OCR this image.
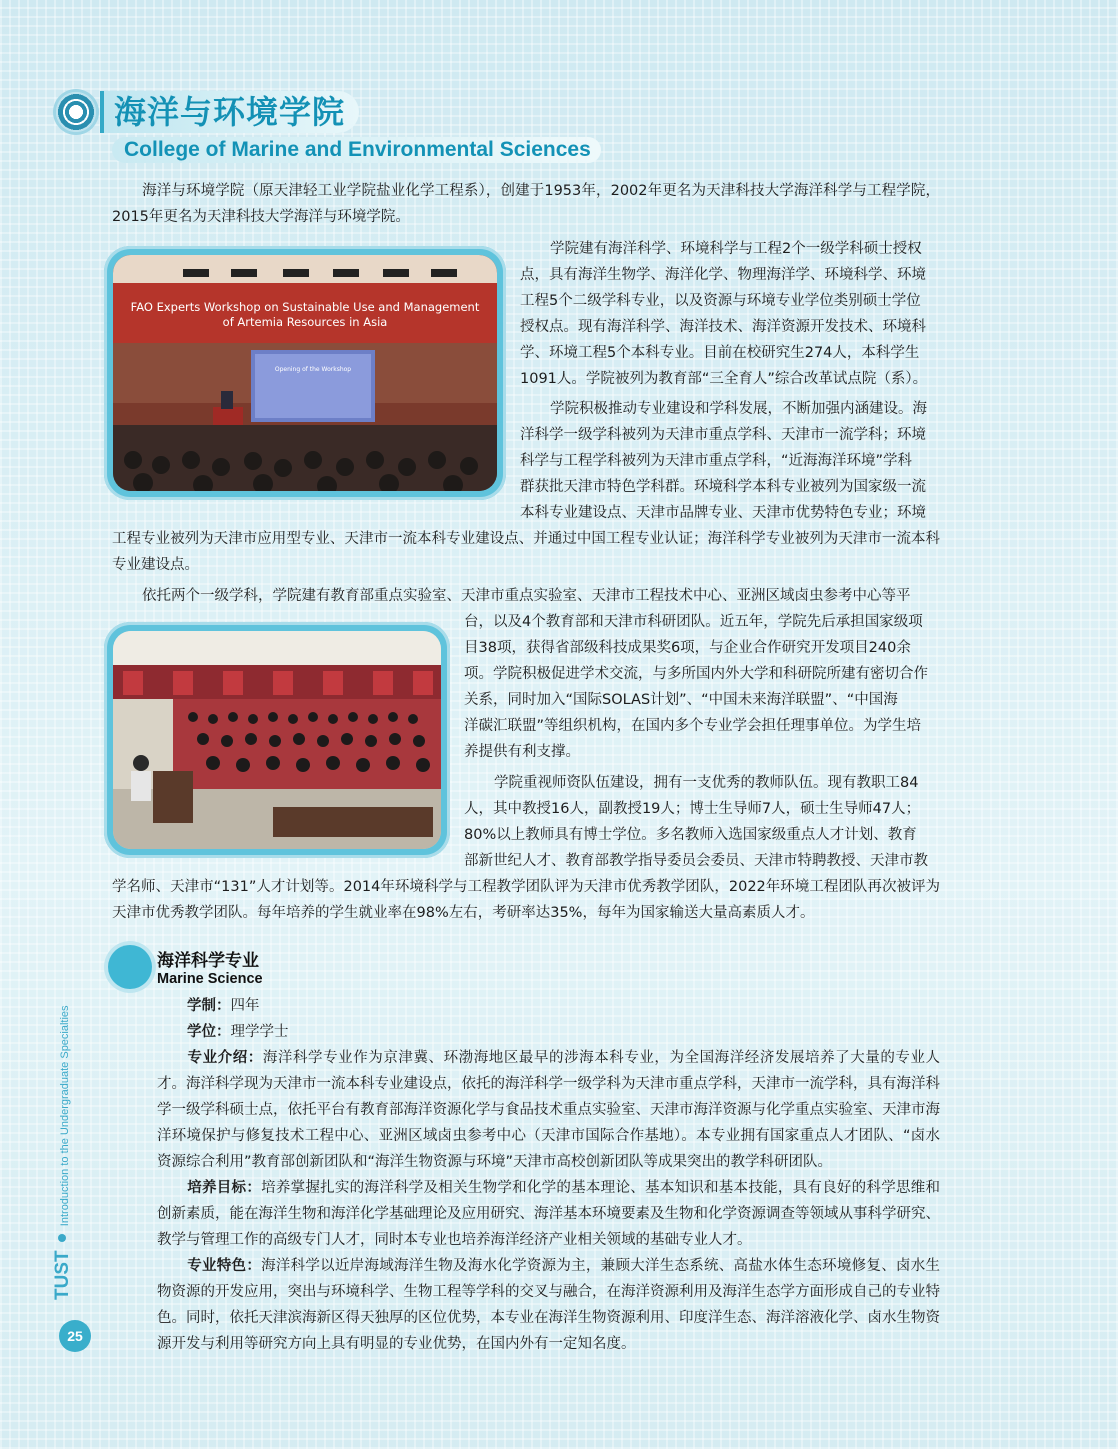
海洋与环境学院
College of Marine and Environmental Sciences
海洋与环境学院（原天津轻工业学院盐业化学工程系），创建于1953年，2002年更名为天津科技大学海洋科学与工程学院，2015年更名为天津科技大学海洋与环境学院。
FAO Experts Workshop on Sustainable Use and Management
of Artemia Resources in Asia
Opening of the Workshop
学院建有海洋科学、环境科学与工程2个一级学科硕士授权
点，具有海洋生物学、海洋化学、物理海洋学、环境科学、环境
工程5个二级学科专业，以及资源与环境专业学位类别硕士学位
授权点。现有海洋科学、海洋技术、海洋资源开发技术、环境科
学、环境工程5个本科专业。目前在校研究生274人，本科学生
1091人。学院被列为教育部“三全育人”综合改革试点院（系）。
学院积极推动专业建设和学科发展，不断加强内涵建设。海
洋科学一级学科被列为天津市重点学科、天津市一流学科；环境
科学与工程学科被列为天津市重点学科，“近海海洋环境”学科
群获批天津市特色学科群。环境科学本科专业被列为国家级一流
本科专业建设点、天津市品牌专业、天津市优势特色专业；环境
工程专业被列为天津市应用型专业、天津市一流本科专业建设点、并通过中国工程专业认证；海洋科学专业被列为天津市一流本科专业建设点。
依托两个一级学科，学院建有教育部重点实验室、天津市重点实验室、天津市工程技术中心、亚洲区域卤虫参考中心等平
台，以及4个教育部和天津市科研团队。近五年，学院先后承担国家级项
目38项，获得省部级科技成果奖6项，与企业合作研究开发项目240余
项。学院积极促进学术交流，与多所国内外大学和科研院所建有密切合作
关系，同时加入“国际SOLAS计划”、“中国未来海洋联盟”、“中国海
洋碳汇联盟”等组织机构，在国内多个专业学会担任理事单位。为学生培
养提供有利支撑。
学院重视师资队伍建设，拥有一支优秀的教师队伍。现有教职工84
人，其中教授16人，副教授19人；博士生导师7人，硕士生导师47人；
80%以上教师具有博士学位。多名教师入选国家级重点人才计划、教育
部新世纪人才、教育部教学指导委员会委员、天津市特聘教授、天津市教
学名师、天津市“131”人才计划等。2014年环境科学与工程教学团队评为天津市优秀教学团队，2022年环境工程团队再次被评为天津市优秀教学团队。每年培养的学生就业率在98%左右，考研率达35%，每年为国家输送大量高素质人才。
海洋科学专业
Marine Science
学制：四年
学位：理学学士
专业介绍：海洋科学专业作为京津冀、环渤海地区最早的涉海本科专业，为全国海洋经济发展培养了大量的专业人才。海洋科学现为天津市一流本科专业建设点，依托的海洋科学一级学科为天津市重点学科，天津市一流学科，具有海洋科学一级学科硕士点，依托平台有教育部海洋资源化学与食品技术重点实验室、天津市海洋资源与化学重点实验室、天津市海洋环境保护与修复技术工程中心、亚洲区域卤虫参考中心（天津市国际合作基地）。本专业拥有国家重点人才团队、“卤水资源综合利用”教育部创新团队和“海洋生物资源与环境”天津市高校创新团队等成果突出的教学科研团队。
培养目标：培养掌握扎实的海洋科学及相关生物学和化学的基本理论、基本知识和基本技能，具有良好的科学思维和创新素质，能在海洋生物和海洋化学基础理论及应用研究、海洋基本环境要素及生物和化学资源调查等领域从事科学研究、教学与管理工作的高级专门人才，同时本专业也培养海洋经济产业相关领域的基础专业人才。
专业特色：海洋科学以近岸海域海洋生物及海水化学资源为主，兼顾大洋生态系统、高盐水体生态环境修复、卤水生物资源的开发应用，突出与环境科学、生物工程等学科的交叉与融合，在海洋资源利用及海洋生态学方面形成自己的专业特色。同时，依托天津滨海新区得天独厚的区位优势，本专业在海洋生物资源利用、印度洋生态、海洋溶液化学、卤水生物资源开发与利用等研究方向上具有明显的专业优势，在国内外有一定知名度。
TUST  Introduction to the Undergraduate Specialties
25
